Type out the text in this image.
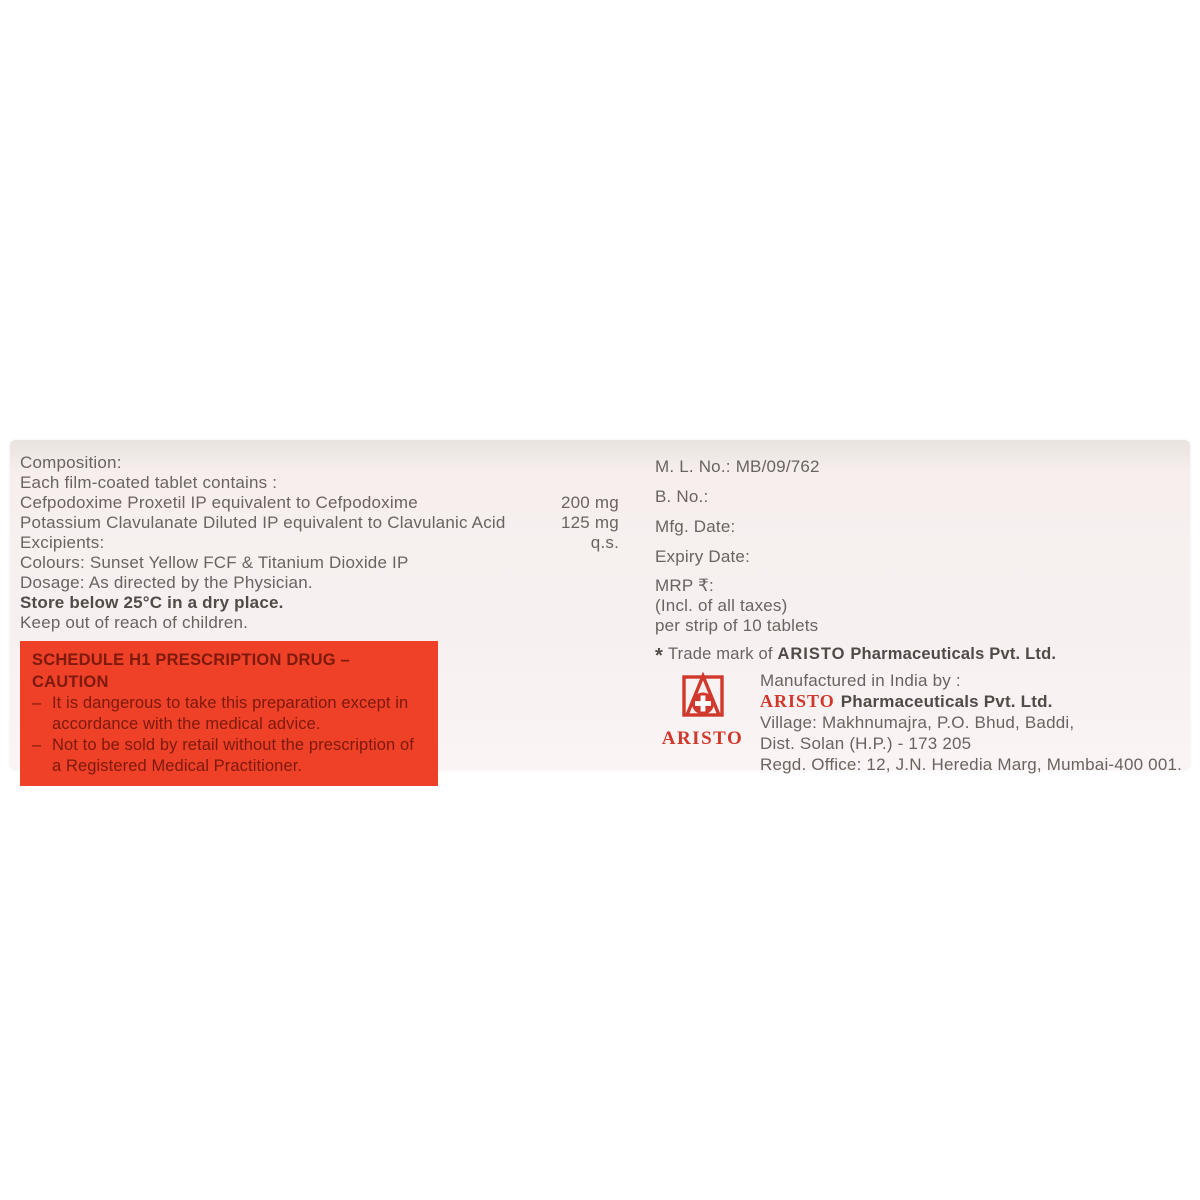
Composition:
Each film-coated tablet contains :
Cefpodoxime Proxetil IP equivalent to Cefpodoxime	200 mg
Potassium Clavulanate Diluted IP equivalent to Clavulanic Acid	125 mg
Excipients:	q.s.
Colours: Sunset Yellow FCF & Titanium Dioxide IP
Dosage: As directed by the Physician.
Store below 25°C in a dry place.
Keep out of reach of children.
SCHEDULE H1 PRESCRIPTION DRUG – CAUTION
– It is dangerous to take this preparation except in accordance with the medical advice.
– Not to be sold by retail without the prescription of a Registered Medical Practitioner.
M. L. No.: MB/09/762
B. No.:
Mfg. Date:
Expiry Date:
MRP ₹:
(Incl. of all taxes)
per strip of 10 tablets
* Trade mark of ARISTO Pharmaceuticals Pvt. Ltd.
ARISTO
Manufactured in India by :
ARISTO Pharmaceuticals Pvt. Ltd.
Village: Makhnumajra, P.O. Bhud, Baddi,
Dist. Solan (H.P.) - 173 205
Regd. Office: 12, J.N. Heredia Marg, Mumbai-400 001.
